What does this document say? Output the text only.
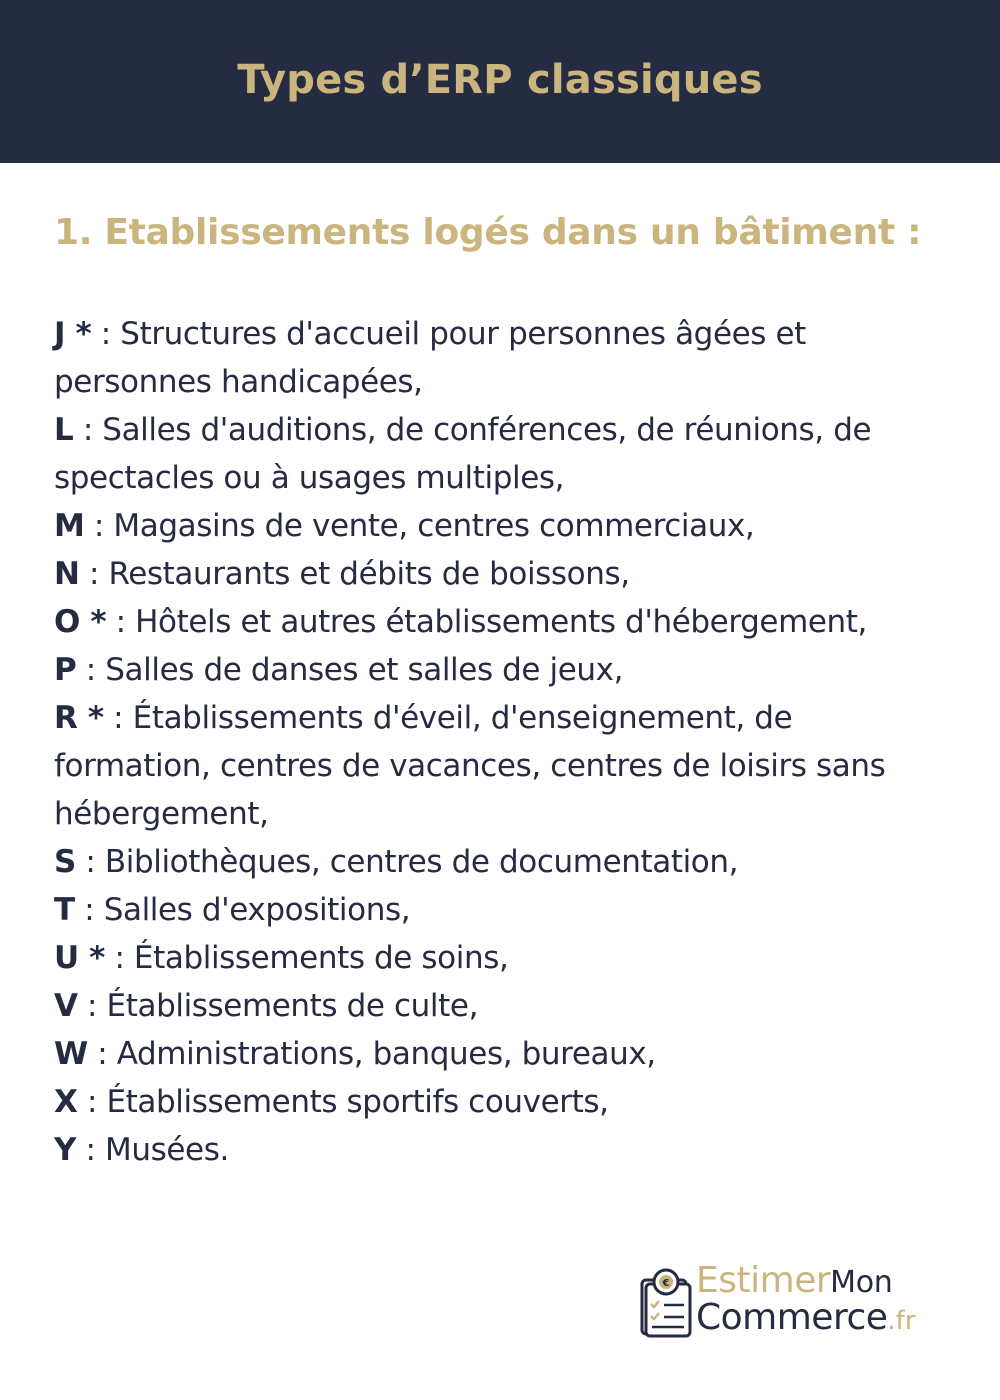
Types d’ERP classiques
1. Etablissements logés dans un bâtiment :

J * : Structures d'accueil pour personnes âgées et personnes handicapées,

L : Salles d'auditions, de conférences, de réunions, de spectacles ou à usages multiples,

M : Magasins de vente, centres commerciaux,

N : Restaurants et débits de boissons,

O * : Hôtels et autres établissements d'hébergement,

P : Salles de danses et salles de jeux,

R * : Établissements d'éveil, d'enseignement, de formation, centres de vacances, centres de loisirs sans hébergement,

S : Bibliothèques, centres de documentation,

T : Salles d'expositions,

U * : Établissements de soins,

V : Établissements de culte,

W : Administrations, banques, bureaux,

X : Établissements sportifs couverts,

Y : Musées.

€ EstimerMon
Commerce.fr
